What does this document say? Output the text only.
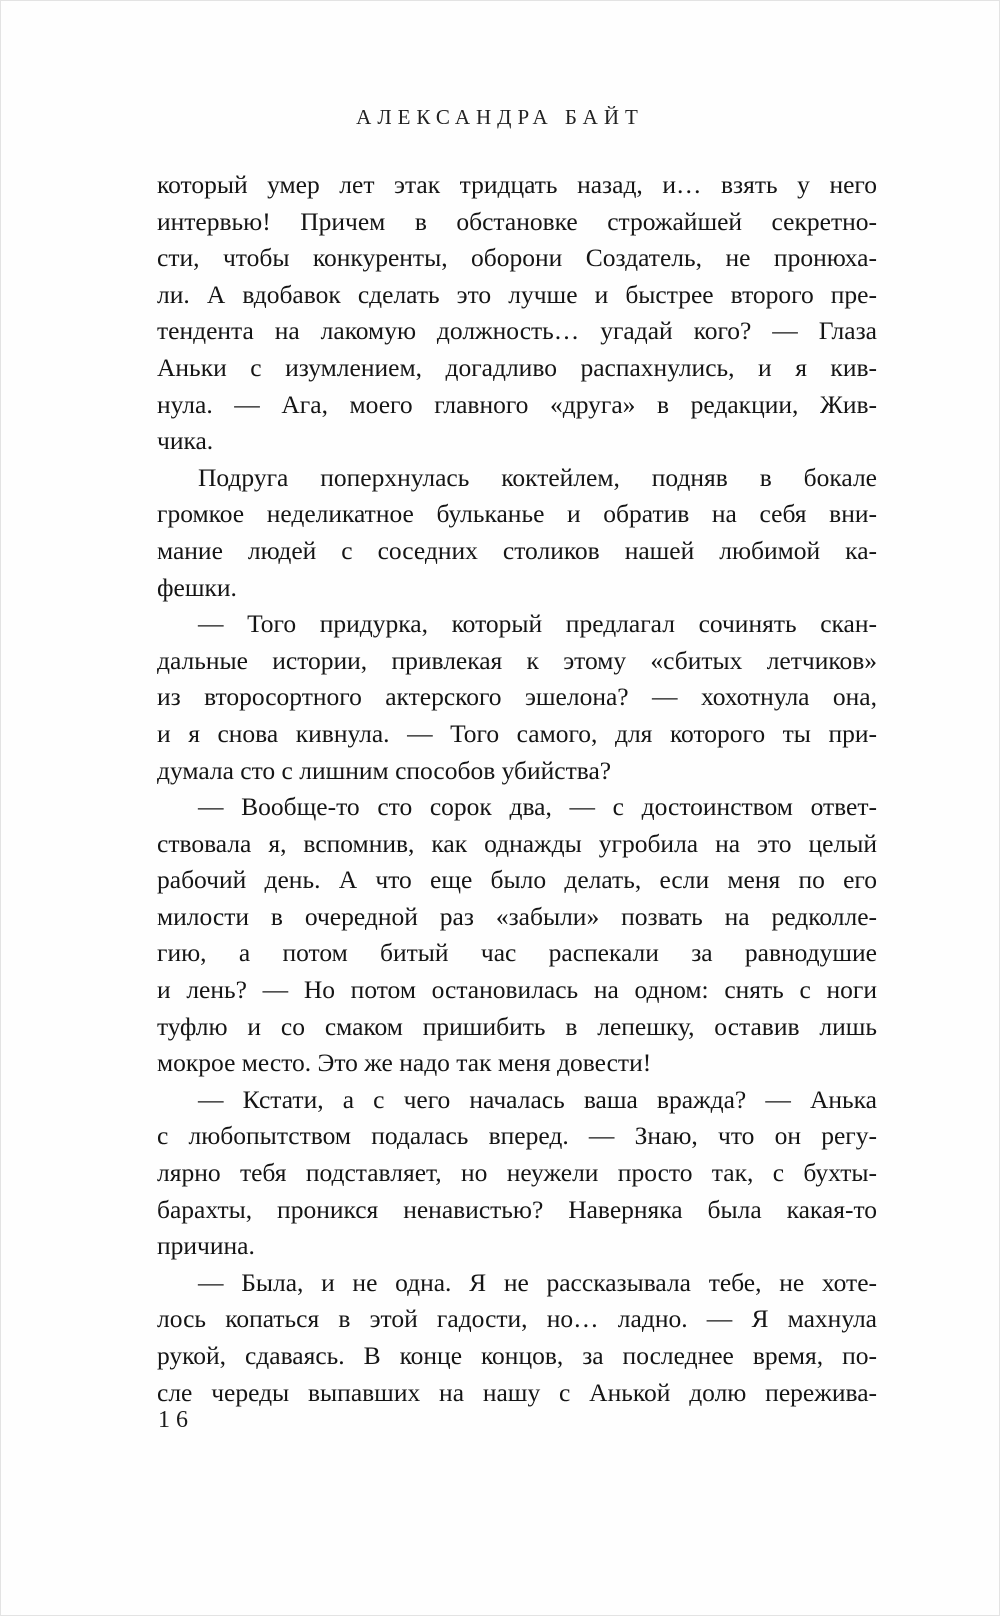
АЛЕКСАНДРА БАЙТ
который умер лет этак тридцать назад, и… взять у него
интервью! Причем в обстановке строжайшей секретно-
сти, чтобы конкуренты, оборони Создатель, не пронюха-
ли. А вдобавок сделать это лучше и быстрее второго пре-
тендента на лакомую должность… угадай кого? — Глаза
Аньки с изумлением, догадливо распахнулись, и я кив-
нула. — Ага, моего главного «друга» в редакции, Жив-
чика.
Подруга поперхнулась коктейлем, подняв в бокале
громкое неделикатное бульканье и обратив на себя вни-
мание людей с соседних столиков нашей любимой ка-
фешки.
— Того придурка, который предлагал сочинять скан-
дальные истории, привлекая к этому «сбитых летчиков»
из второсортного актерского эшелона? — хохотнула она,
и я снова кивнула. — Того самого, для которого ты при-
думала сто с лишним способов убийства?
— Вообще-то сто сорок два, — с достоинством ответ-
ствовала я, вспомнив, как однажды угробила на это целый
рабочий день. А что еще было делать, если меня по его
милости в очередной раз «забыли» позвать на редколле-
гию, а потом битый час распекали за равнодушие
и лень? — Но потом остановилась на одном: снять с ноги
туфлю и со смаком пришибить в лепешку, оставив лишь
мокрое место. Это же надо так меня довести!
— Кстати, а с чего началась ваша вражда? — Анька
с любопытством подалась вперед. — Знаю, что он регу-
лярно тебя подставляет, но неужели просто так, с бухты-
барахты, проникся ненавистью? Наверняка была какая-то
причина.
— Была, и не одна. Я не рассказывала тебе, не хоте-
лось копаться в этой гадости, но… ладно. — Я махнула
рукой, сдаваясь. В конце концов, за последнее время, по-
сле череды выпавших на нашу с Анькой долю пережива-
16
